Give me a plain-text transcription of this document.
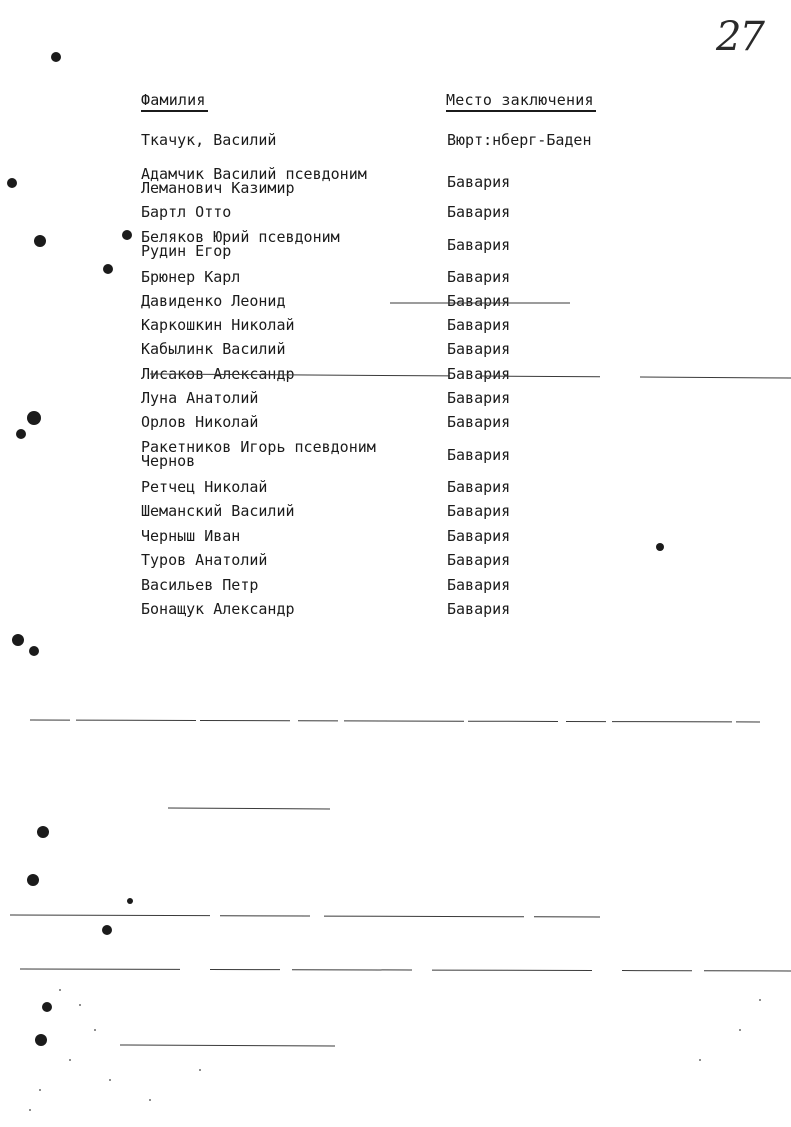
27
Фамилия	Место заключения
Ткачук, Василий	Вюрт:нберг-Баден
Адамчик Василий псевдоним
Леманович Казимир	Бавария
Бартл Отто	Бавария
Беляков Юрий псевдоним
Рудин Егор	Бавария
Брюнер Карл	Бавария
Давиденко Леонид	Бавария
Каркошкин Николай	Бавария
Кабылинк Василий	Бавария
Лисаков Александр	Бавария
Луна Анатолий	Бавария
Орлов Николай	Бавария
Ракетников Игорь псевдоним
Чернов	Бавария
Ретчец Николай	Бавария
Шеманский Василий	Бавария
Черныш Иван	Бавария
Туров Анатолий	Бавария
Васильев Петр	Бавария
Бонащук Александр	Бавария
